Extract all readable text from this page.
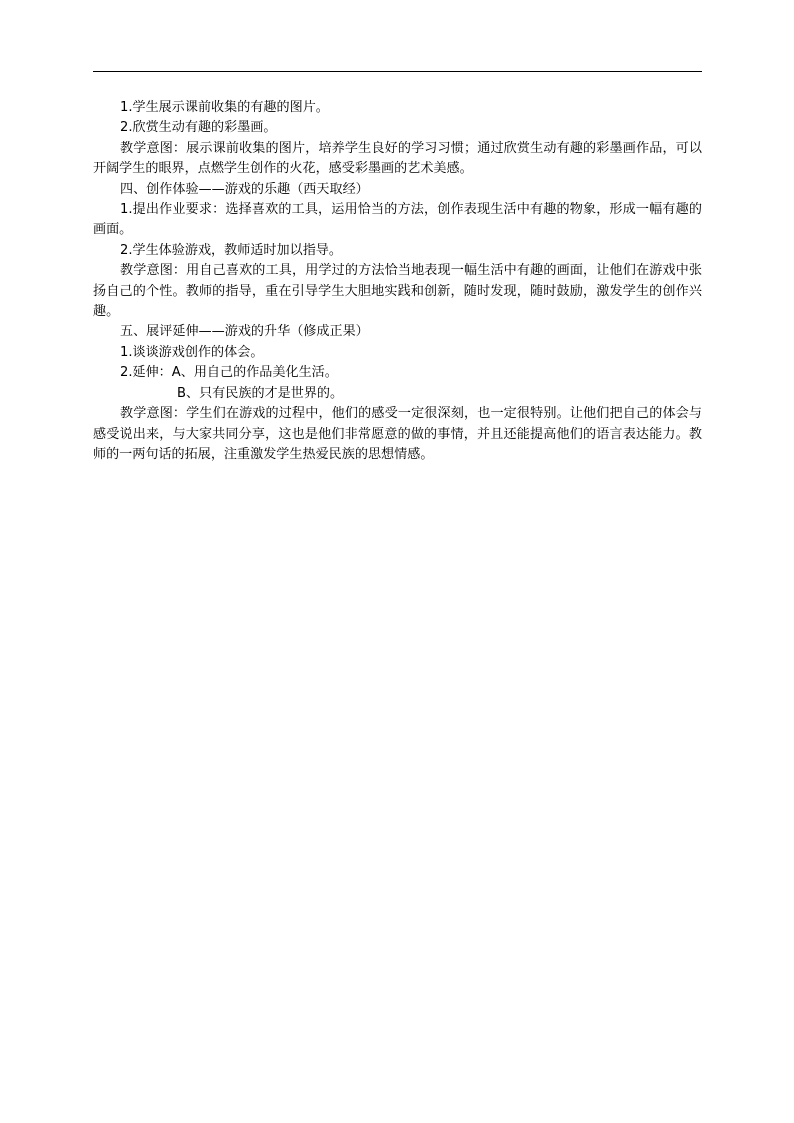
1.学生展示课前收集的有趣的图片。

2.欣赏生动有趣的彩墨画。

教学意图：展示课前收集的图片，培养学生良好的学习习惯；通过欣赏生动有趣的彩墨画作品，可以开阔学生的眼界，点燃学生创作的火花，感受彩墨画的艺术美感。

四、创作体验——游戏的乐趣（西天取经）

1.提出作业要求：选择喜欢的工具，运用恰当的方法，创作表现生活中有趣的物象，形成一幅有趣的画面。

2.学生体验游戏，教师适时加以指导。

教学意图：用自己喜欢的工具，用学过的方法恰当地表现一幅生活中有趣的画面，让他们在游戏中张扬自己的个性。教师的指导，重在引导学生大胆地实践和创新，随时发现，随时鼓励，激发学生的创作兴趣。

五、展评延伸——游戏的升华（修成正果）

1.谈谈游戏创作的体会。

2.延伸：A、用自己的作品美化生活。

B、只有民族的才是世界的。

教学意图：学生们在游戏的过程中，他们的感受一定很深刻，也一定很特别。让他们把自己的体会与感受说出来，与大家共同分享，这也是他们非常愿意的做的事情，并且还能提高他们的语言表达能力。教师的一两句话的拓展，注重激发学生热爱民族的思想情感。
